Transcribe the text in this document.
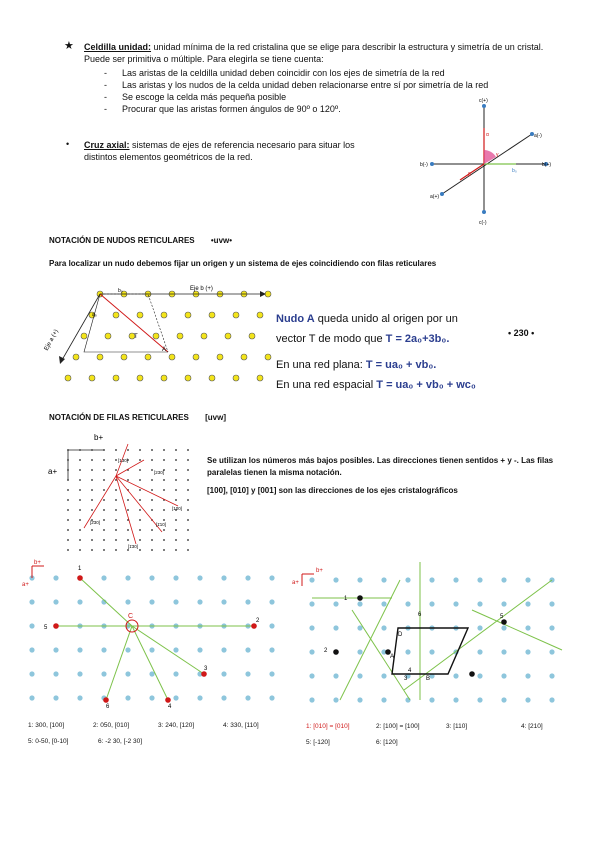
★ Celdilla unidad: unidad mínima de la red cristalina que se elige para describir la estructura y simetría de un cristal. Puede ser primitiva o múltiple. Para elegirla se tiene cuenta:
-	Las aristas de la celdilla unidad deben coincidir con los ejes de simetría de la red
-	Las aristas y los nudos de la celda unidad deben relacionarse entre sí por simetría de la red
-	Se escoge la celda más pequeña posible
-	Procurar que las aristas formen ángulos de 90º o 120º.
• Cruz axial: sistemas de ejes de referencia necesario para situar los distintos elementos geométricos de la red.
c(+)
b(-)	b(+)
a(-)
a(+)
c(-)
α
β
γ
b₀
NOTACIÓN DE NUDOS RETICULARES •uvw•
Para localizar un nudo debemos fijar un origen y un sistema de ejes coincidiendo con filas reticulares
Eje b (+)
Eje a (+)	T
A
a₀
b₀
Nudo A queda unido al origen por un
vector T de modo que T = 2a₀+3b₀.
En una red plana: T = ua₀ + vb₀.
En una red espacial T = ua₀ + vb₀ + wc₀
• 230 •
NOTACIÓN DE FILAS RETICULARES [uvw]
b+
a+
[130]
[230]
[100]
[1̄10]
[1̄30]
[2̄30]
Se utilizan los números más bajos posibles. Las direcciones tienen sentidos + y -. Las filas paralelas tienen la misma notación.
[100], [010] y [001] son las direcciones de los ejes cristalográficos
b+
a+
C
1
5
2
3
4
6
1: 300, [100]	2: 050, [010]	3: 240, [120]	4: 330, [110]
5: 0-50, [0-10]	6: -2 30, [-2 30]
b+
a+
1
D
2
A
B
3
4
5
6
1: [010] = [010]	2: [100] = [100]	3: [110]	4: [210]
5: [-120]	6: [120]
